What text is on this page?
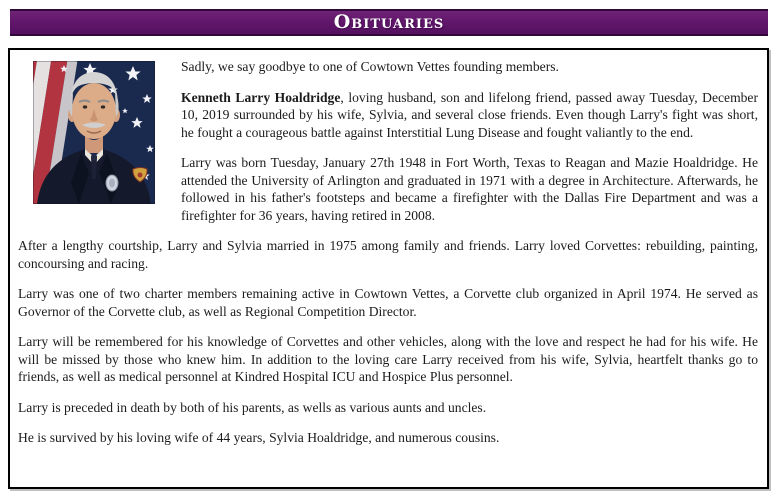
Obituaries

Sadly, we say goodbye to one of Cowtown Vettes founding members.

Kenneth Larry Hoaldridge, loving husband, son and lifelong friend, passed away Tuesday, December 10, 2019 surrounded by his wife, Sylvia, and several close friends. Even though Larry's fight was short, he fought a courageous battle against Interstitial Lung Disease and fought valiantly to the end.

Larry was born Tuesday, January 27th 1948 in Fort Worth, Texas to Reagan and Mazie Hoaldridge. He attended the University of Arlington and graduated in 1971 with a degree in Architecture. Afterwards, he followed in his father's footsteps and became a firefighter with the Dallas Fire Department and was a firefighter for 36 years, having retired in 2008.

After a lengthy courtship, Larry and Sylvia married in 1975 among family and friends. Larry loved Corvettes: rebuilding, painting, concoursing and racing.

Larry was one of two charter members remaining active in Cowtown Vettes, a Corvette club organized in April 1974. He served as Governor of the Corvette club, as well as Regional Competition Director.

Larry will be remembered for his knowledge of Corvettes and other vehicles, along with the love and respect he had for his wife. He will be missed by those who knew him. In addition to the loving care Larry received from his wife, Sylvia, heartfelt thanks go to friends, as well as medical personnel at Kindred Hospital ICU and Hospice Plus personnel.

Larry is preceded in death by both of his parents, as wells as various aunts and uncles.

He is survived by his loving wife of 44 years, Sylvia Hoaldridge, and numerous cousins.
